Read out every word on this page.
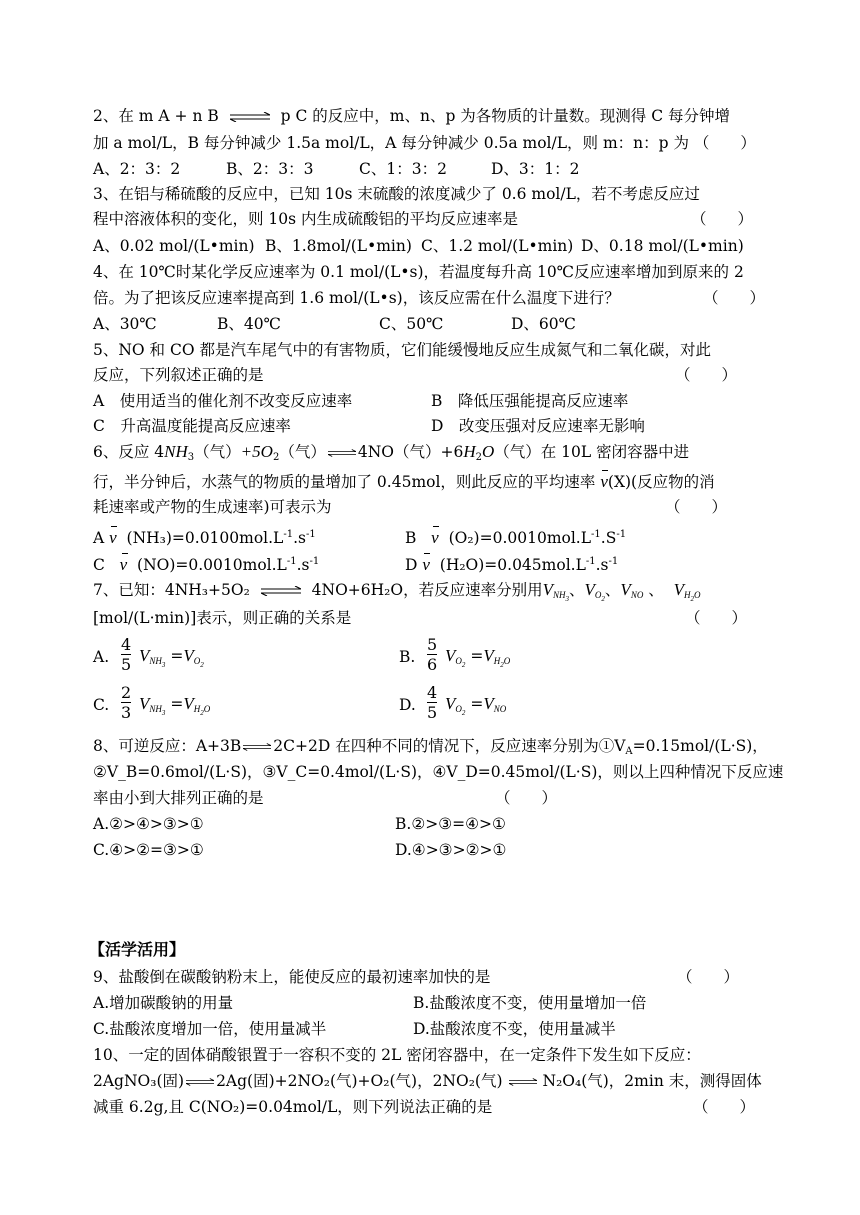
2、在 m A + n B	p C 的反应中，m、n、p 为各物质的计量数。现测得 C 每分钟增
加 a mol/L，B 每分钟减少 1.5a mol/L，A 每分钟减少 0.5a mol/L，则 m：n：p 为 （　　）
A、2：3：2	B、2：3：3	C、1：3：2	D、3：1：2
3、在铝与稀硫酸的反应中，已知 10s 末硫酸的浓度减少了 0.6 mol/L，若不考虑反应过
程中溶液体积的变化，则 10s 内生成硫酸铝的平均反应速率是	（　　）
A、0.02 mol/(L•min) B、1.8mol/(L•min) C、1.2 mol/(L•min) D、0.18 mol/(L•min)
4、在 10℃时某化学反应速率为 0.1 mol/(L•s)，若温度每升高 10℃反应速率增加到原来的 2
倍。为了把该反应速率提高到 1.6 mol/(L•s)，该反应需在什么温度下进行？	（　　）
A、30℃	B、40℃	C、50℃	D、60℃
5、NO 和 CO 都是汽车尾气中的有害物质，它们能缓慢地反应生成氮气和二氧化碳，对此
反应，下列叙述正确的是	（　　）
A　使用适当的催化剂不改变反应速率	B　降低压强能提高反应速率
C　升高温度能提高反应速率	D　改变压强对反应速率无影响
6、反应 $4NH_3$（气）$+5O_2$（气） 4NO（气）$+6H_2O$（气）在 10L 密闭容器中进
行，半分钟后，水蒸气的物质的量增加了 0.45mol，则此反应的平均速率 v(X)(反应物的消
耗速率或产物的生成速率)可表示为	（　　）
A v $(NH_3)=0.0100mol.L^{-1}.s^{-1}$	B   v $(O_2)=0.0010mol.L^{-1}.S^{-1}$
C   v $(NO)=0.0010mol.L^{-1}.s^{-1}$	D v $(H_2O)=0.045mol.L^{-1}.s^{-1}$
7、已知：4NH₃+5O₂	4NO+6H₂O，若反应速率分别用$V_{NH_3}$、$V_{O_2}$、$V_{NO}$ 、  $V_{H_2O}$
[mol/(L·min)]表示，则正确的关系是	（　　）
A. $\frac{4}{5} V_{NH_3} =V_{O_2}$	B. $\frac{5}{6} V_{O_2} =V_{H_2O}$
C. $\frac{2}{3} V_{NH_3} =V_{H_2O}$	D. $\frac{4}{5} V_{O_2} =V_{NO}$
8、可逆反应：A+3B 2C+2D 在四种不同的情况下，反应速率分别为$①V_A=0.15mol/(L\cdot S)$，
②V_B=0.6mol/(L·S)，③V_C=0.4mol/(L·S)，④V_D=0.45mol/(L·S)，则以上四种情况下反应速
率由小到大排列正确的是	（　　）
A.②>④>③>①	B.②>③=④>①
C.④>②=③>①	D.④>③>②>①
【活学活用】
9、盐酸倒在碳酸钠粉末上，能使反应的最初速率加快的是	（　　）
A.增加碳酸钠的用量	B.盐酸浓度不变，使用量增加一倍
C.盐酸浓度增加一倍，使用量减半	D.盐酸浓度不变，使用量减半
10、一定的固体硝酸银置于一容积不变的 2L 密闭容器中，在一定条件下发生如下反应：
2AgNO₃(固) 2Ag(固)+2NO₂(气)+O₂(气)，2NO₂(气)	N₂O₄(气)，2min 末，测得固体
减重 6.2g,且 C(NO₂)=0.04mol/L，则下列说法正确的是	（　　）
